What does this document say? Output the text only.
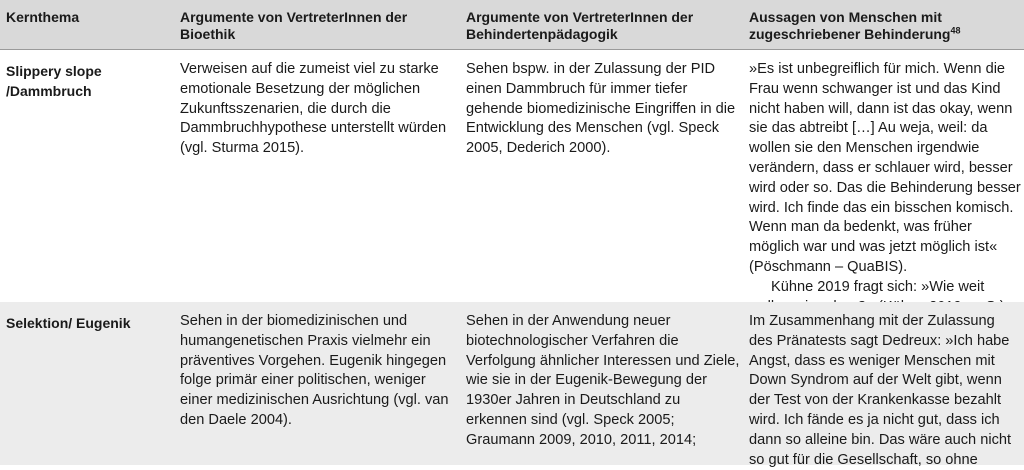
Kernthema	Argumente von VertreterInnen der Bioethik
Argumente von VertreterInnen der Behindertenpädagogik
Aussagen von Menschen mit zugeschriebener Behinderung$^{48}$
Slippery slope /Dammbruch
Verweisen auf die zumeist viel zu starke emotionale Besetzung der möglichen Zukunftsszenarien, die durch die Dammbruchhypothese unterstellt würden (vgl. Sturma 2015).
Sehen bspw. in der Zulassung der PID einen Dammbruch für immer tiefer gehende biomedizinische Eingriffen in die Entwicklung des Menschen (vgl. Speck 2005, Dederich 2000).
»Es ist unbegreiflich für mich. Wenn die Frau wenn schwanger ist und das Kind nicht haben will, dann ist das okay, wenn sie das abtreibt […] Au weja, weil: da wollen sie den Menschen irgendwie verändern, dass er schlauer wird, besser wird oder so. Das die Behinderung besser wird. Ich finde das ein bisschen komisch. Wenn man da bedenkt, was früher möglich war und was jetzt möglich ist« (Pöschmann – QuaBIS).
Kühne 2019 fragt sich: »Wie weit
Selektion/ Eugenik	Sehen in der biomedizinischen und humangenetischen Praxis vielmehr ein präventives Vorgehen. Eugenik hingegen folge primär einer politischen, weniger einer medizinischen Ausrichtung (vgl. van den Daele 2004).
Sehen in der Anwendung neuer biotechnologischer Verfahren die Verfolgung ähnlicher Interessen und Ziele, wie sie in der Eugenik-Bewegung der 1930er Jahren in Deutschland zu erkennen sind (vgl. Speck 2005; Graumann 2009, 2010, 2011, 2014;
Im Zusammenhang mit der Zulassung des Pränatests sagt Dedreux: »Ich habe Angst, dass es weniger Menschen mit Down Syndrom auf der Welt gibt, wenn der Test von der Krankenkasse bezahlt wird. Ich fände es ja nicht gut, dass ich dann so alleine bin. Das wäre auch nicht so gut für die Gesellschaft, so ohne
